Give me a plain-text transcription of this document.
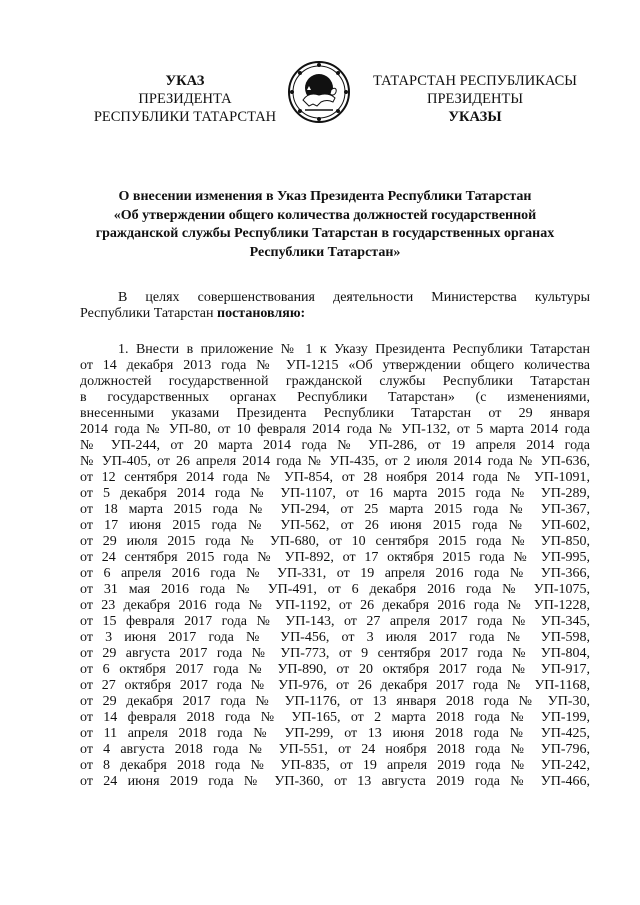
УКАЗ
ПРЕЗИДЕНТА
РЕСПУБЛИКИ ТАТАРСТАН
ТАТАРСТАН РЕСПУБЛИКАСЫ
ПРЕЗИДЕНТЫ
УКАЗЫ
О внесении изменения в Указ Президента Республики Татарстан
«Об утверждении общего количества должностей государственной
гражданской службы Республики Татарстан в государственных органах
Республики Татарстан»
В целях совершенствования деятельности Министерства культуры
Республики Татарстан постановляю:
1. Внести в приложение № 1 к Указу Президента Республики Татарстан
от 14 декабря 2013 года № УП-1215 «Об утверждении общего количества
должностей государственной гражданской службы Республики Татарстан
в государственных органах Республики Татарстан» (с изменениями,
внесенными указами Президента Республики Татарстан от 29 января
2014 года № УП-80, от 10 февраля 2014 года № УП-132, от 5 марта 2014 года
№ УП-244, от 20 марта 2014 года № УП-286, от 19 апреля 2014 года
№ УП-405, от 26 апреля 2014 года № УП-435, от 2 июля 2014 года № УП-636,
от 12 сентября 2014 года № УП-854, от 28 ноября 2014 года № УП-1091,
от 5 декабря 2014 года № УП-1107, от 16 марта 2015 года № УП-289,
от 18 марта 2015 года № УП-294, от 25 марта 2015 года № УП-367,
от 17 июня 2015 года № УП-562, от 26 июня 2015 года № УП-602,
от 29 июля 2015 года № УП-680, от 10 сентября 2015 года № УП-850,
от 24 сентября 2015 года № УП-892, от 17 октября 2015 года № УП-995,
от 6 апреля 2016 года № УП-331, от 19 апреля 2016 года № УП-366,
от 31 мая 2016 года № УП-491, от 6 декабря 2016 года № УП-1075,
от 23 декабря 2016 года № УП-1192, от 26 декабря 2016 года № УП-1228,
от 15 февраля 2017 года № УП-143, от 27 апреля 2017 года № УП-345,
от 3 июня 2017 года № УП-456, от 3 июля 2017 года № УП-598,
от 29 августа 2017 года № УП-773, от 9 сентября 2017 года № УП-804,
от 6 октября 2017 года № УП-890, от 20 октября 2017 года № УП-917,
от 27 октября 2017 года № УП-976, от 26 декабря 2017 года № УП-1168,
от 29 декабря 2017 года № УП-1176, от 13 января 2018 года № УП-30,
от 14 февраля 2018 года № УП-165, от 2 марта 2018 года № УП-199,
от 11 апреля 2018 года № УП-299, от 13 июня 2018 года № УП-425,
от 4 августа 2018 года № УП-551, от 24 ноября 2018 года № УП-796,
от 8 декабря 2018 года № УП-835, от 19 апреля 2019 года № УП-242,
от 24 июня 2019 года № УП-360, от 13 августа 2019 года № УП-466,
